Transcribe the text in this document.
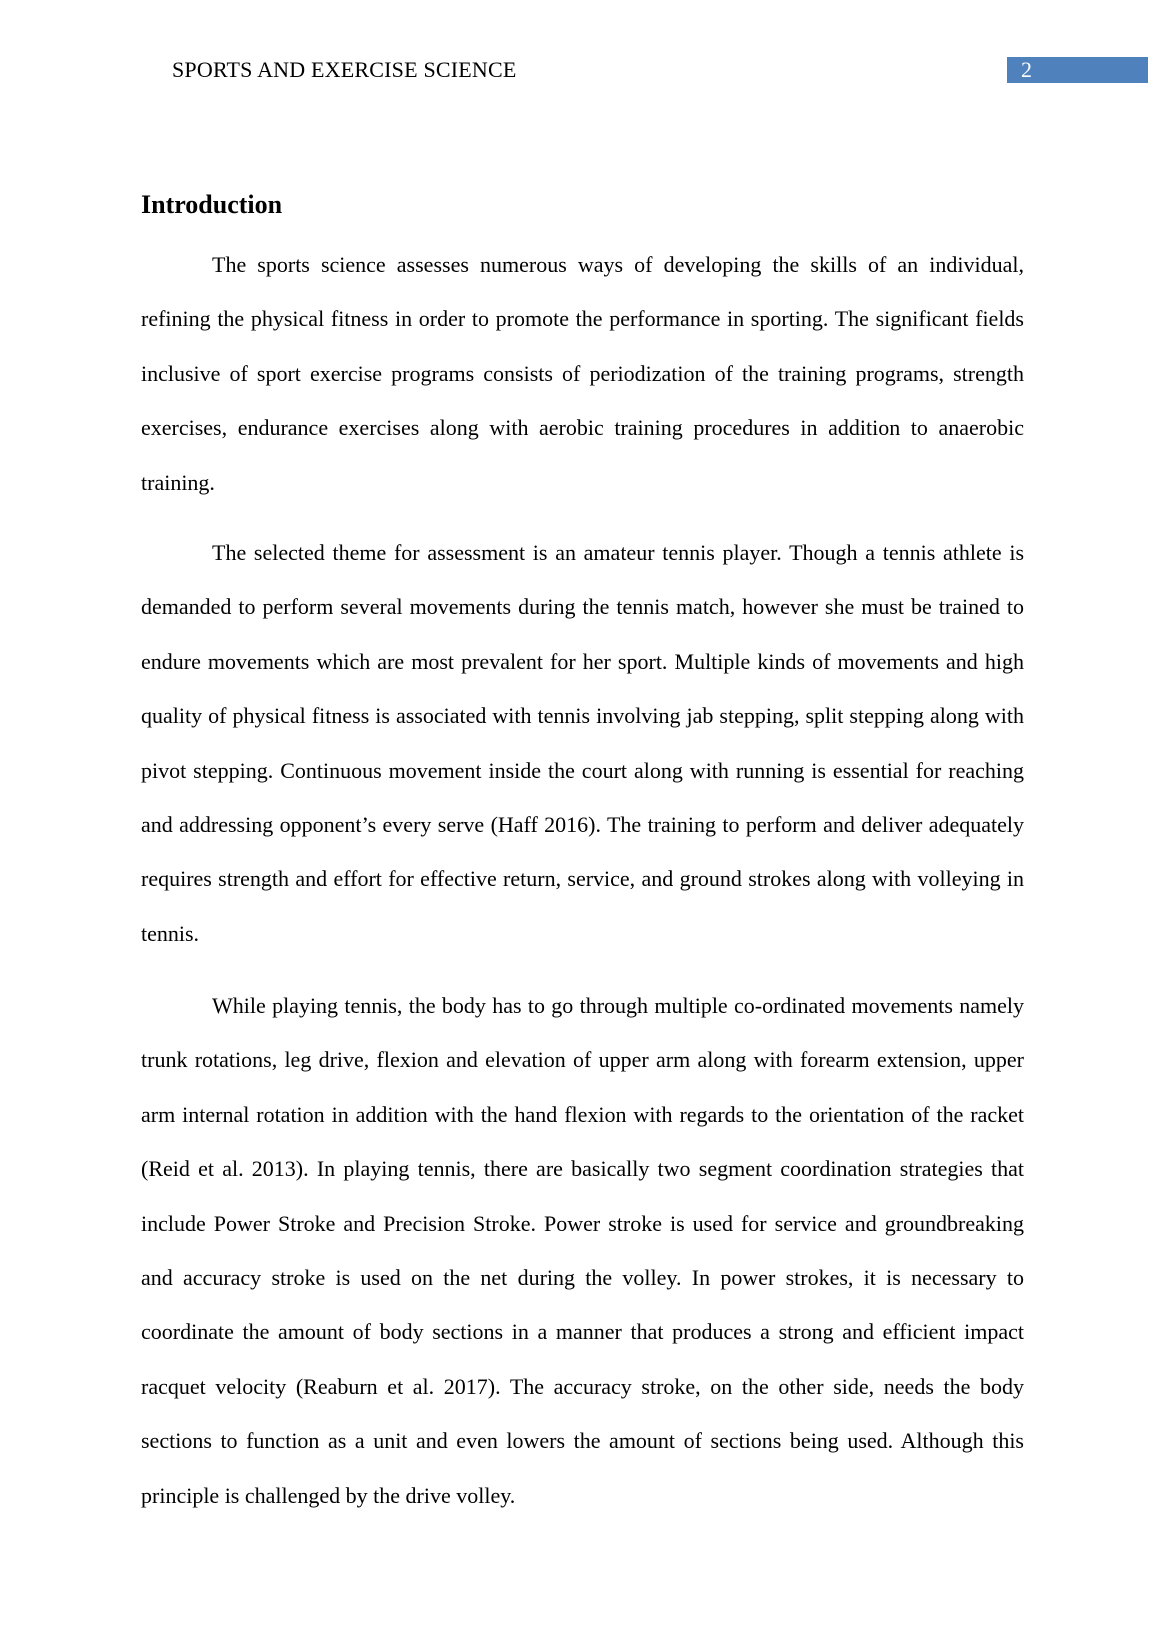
SPORTS AND EXERCISE SCIENCE	2
Introduction

The sports science assesses numerous ways of developing the skills of an individual, refining the physical fitness in order to promote the performance in sporting. The significant fields inclusive of sport exercise programs consists of periodization of the training programs, strength exercises, endurance exercises along with aerobic training procedures in addition to anaerobic training.

The selected theme for assessment is an amateur tennis player. Though a tennis athlete is demanded to perform several movements during the tennis match, however she must be trained to endure movements which are most prevalent for her sport. Multiple kinds of movements and high quality of physical fitness is associated with tennis involving jab stepping, split stepping along with pivot stepping. Continuous movement inside the court along with running is essential for reaching and addressing opponent’s every serve (Haff 2016). The training to perform and deliver adequately requires strength and effort for effective return, service, and ground strokes along with volleying in tennis.

While playing tennis, the body has to go through multiple co-ordinated movements namely trunk rotations, leg drive, flexion and elevation of upper arm along with forearm extension, upper arm internal rotation in addition with the hand flexion with regards to the orientation of the racket (Reid et al. 2013). In playing tennis, there are basically two segment coordination strategies that include Power Stroke and Precision Stroke. Power stroke is used for service and groundbreaking and accuracy stroke is used on the net during the volley. In power strokes, it is necessary to coordinate the amount of body sections in a manner that produces a strong and efficient impact racquet velocity (Reaburn et al. 2017). The accuracy stroke, on the other side, needs the body sections to function as a unit and even lowers the amount of sections being used. Although this principle is challenged by the drive volley.
